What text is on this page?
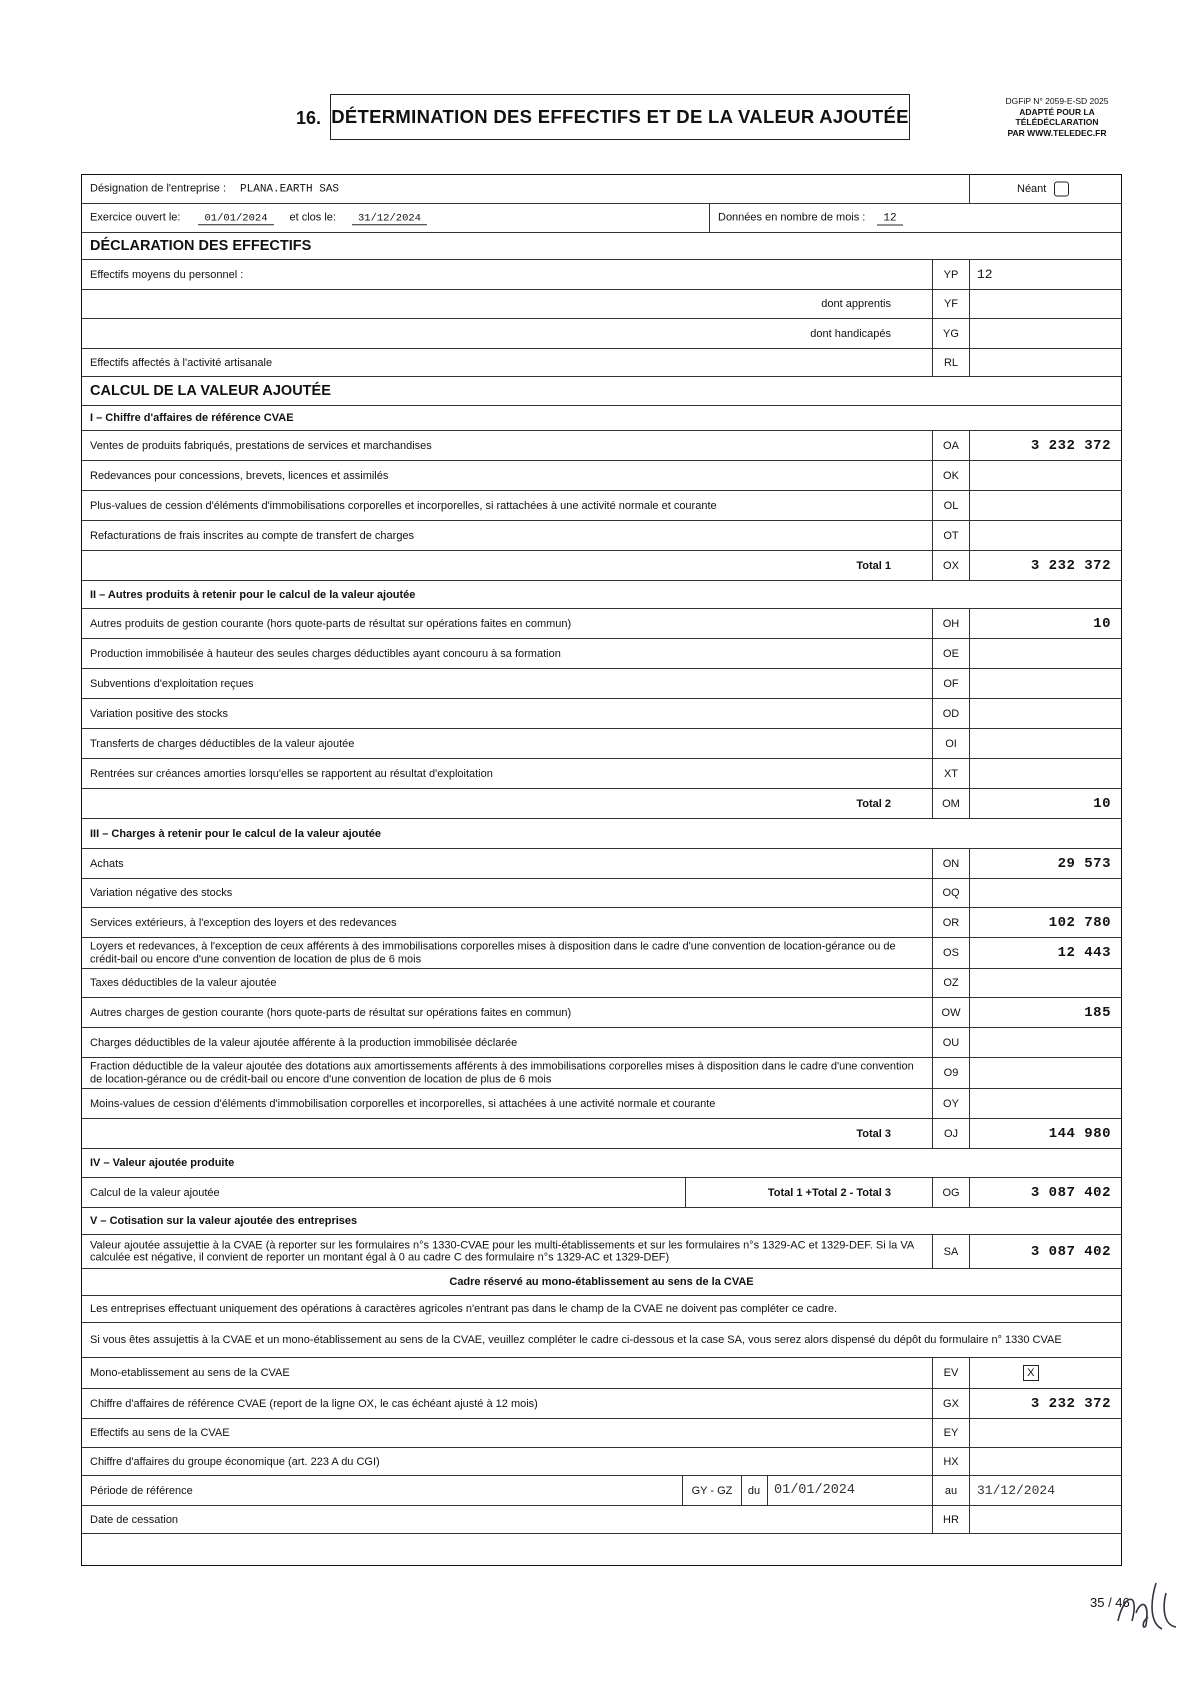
16. DÉTERMINATION DES EFFECTIFS ET DE LA VALEUR AJOUTÉE
DGFiP N° 2059-E-SD 2025
ADAPTÉ POUR LA
TÉLÉDÉCLARATION
PAR WWW.TELEDEC.FR
Désignation de l'entreprise : PLANA.EARTH SAS	Néant
Exercice ouvert le: 01/01/2024 et clos le: 31/12/2024	Données en nombre de mois : 12
DÉCLARATION DES EFFECTIFS
Effectifs moyens du personnel :	YP	12
dont apprentis	YF
dont handicapés	YG
Effectifs affectés à l'activité artisanale	RL
CALCUL DE LA VALEUR AJOUTÉE
I – Chiffre d'affaires de référence CVAE
Ventes de produits fabriqués, prestations de services et marchandises	OA	3 232 372
Redevances pour concessions, brevets, licences et assimilés	OK
Plus-values de cession d'éléments d'immobilisations corporelles et incorporelles, si rattachées à une activité normale et courante	OL
Refacturations de frais inscrites au compte de transfert de charges	OT
Total 1	OX	3 232 372
II – Autres produits à retenir pour le calcul de la valeur ajoutée
Autres produits de gestion courante (hors quote-parts de résultat sur opérations faites en commun)	OH	10
Production immobilisée à hauteur des seules charges déductibles ayant concouru à sa formation	OE
Subventions d'exploitation reçues	OF
Variation positive des stocks	OD
Transferts de charges déductibles de la valeur ajoutée	OI
Rentrées sur créances amorties lorsqu'elles se rapportent au résultat d'exploitation	XT
Total 2	OM	10
III – Charges à retenir pour le calcul de la valeur ajoutée
Achats	ON	29 573
Variation négative des stocks	OQ
Services extérieurs, à l'exception des loyers et des redevances	OR	102 780
Loyers et redevances, à l'exception de ceux afférents à des immobilisations corporelles mises à disposition dans le cadre d'une convention de location-gérance ou de crédit-bail ou encore d'une convention de location de plus de 6 mois	OS	12 443
Taxes déductibles de la valeur ajoutée	OZ
Autres charges de gestion courante (hors quote-parts de résultat sur opérations faites en commun)	OW	185
Charges déductibles de la valeur ajoutée afférente à la production immobilisée déclarée	OU
Fraction déductible de la valeur ajoutée des dotations aux amortissements afférents à des immobilisations corporelles mises à disposition dans le cadre d'une convention de location-gérance ou de crédit-bail ou encore d'une convention de location de plus de 6 mois	O9
Moins-values de cession d'éléments d'immobilisation corporelles et incorporelles, si attachées à une activité normale et courante	OY
Total 3	OJ	144 980
IV – Valeur ajoutée produite
Calcul de la valeur ajoutée	Total 1 +Total 2 - Total 3	OG	3 087 402
V – Cotisation sur la valeur ajoutée des entreprises
Valeur ajoutée assujettie à la CVAE (à reporter sur les formulaires n°s 1330-CVAE pour les multi-établissements et sur les formulaires n°s 1329-AC et 1329-DEF. Si la VA calculée est négative, il convient de reporter un montant égal à 0 au cadre C des formulaire n°s 1329-AC et 1329-DEF)	SA	3 087 402
Cadre réservé au mono-établissement au sens de la CVAE
Les entreprises effectuant uniquement des opérations à caractères agricoles n'entrant pas dans le champ de la CVAE ne doivent pas compléter ce cadre.
Si vous êtes assujettis à la CVAE et un mono-établissement au sens de la CVAE, veuillez compléter le cadre ci-dessous et la case SA, vous serez alors dispensé du dépôt du formulaire n° 1330 CVAE
Mono-etablissement au sens de la CVAE	EV	X
Chiffre d'affaires de référence CVAE (report de la ligne OX, le cas échéant ajusté à 12 mois)	GX	3 232 372
Effectifs au sens de la CVAE	EY
Chiffre d'affaires du groupe économique (art. 223 A du CGI)	HX
Période de référence	GY - GZ	du	01/01/2024	au	31/12/2024
Date de cessation	HR
35 / 46
